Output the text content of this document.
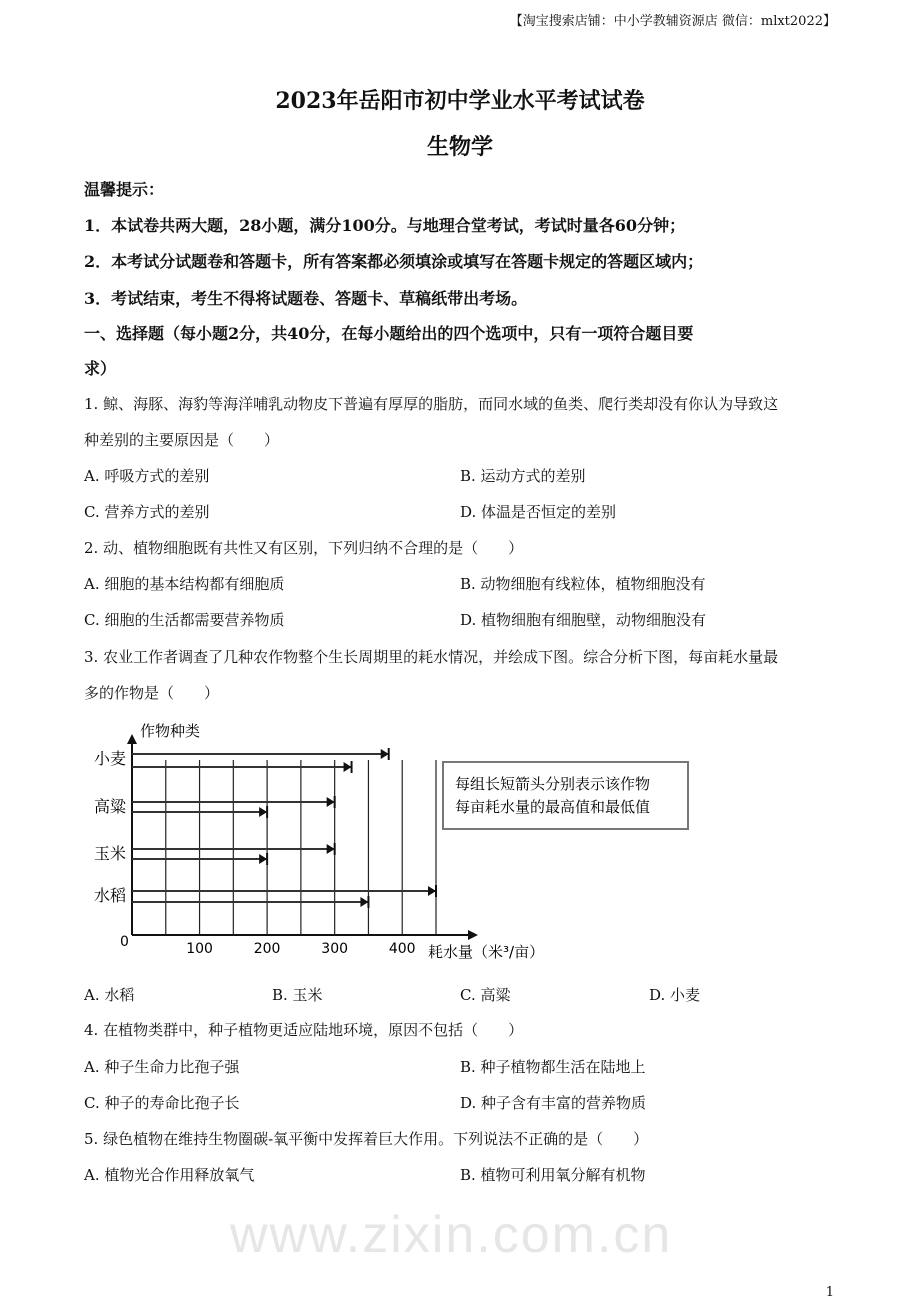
www.zixin.com.cn
【淘宝搜索店铺：中小学教辅资源店 微信：mlxt2022】
2023年岳阳市初中学业水平考试试卷
生物学
温馨提示：
1．本试卷共两大题，28小题，满分100分。与地理合堂考试，考试时量各60分钟；
2．本考试分试题卷和答题卡，所有答案都必须填涂或填写在答题卡规定的答题区域内；
3．考试结束，考生不得将试题卷、答题卡、草稿纸带出考场。
一、选择题（每小题2分，共40分，在每小题给出的四个选项中，只有一项符合题目要
求）
1. 鲸、海豚、海豹等海洋哺乳动物皮下普遍有厚厚的脂肪，而同水域的鱼类、爬行类却没有你认为导致这
种差别的主要原因是（　　）
A. 呼吸方式的差别	B. 运动方式的差别
C. 营养方式的差别	D. 体温是否恒定的差别
2. 动、植物细胞既有共性又有区别，下列归纳不合理的是（　　）
A. 细胞的基本结构都有细胞质	B. 动物细胞有线粒体，植物细胞没有
C. 细胞的生活都需要营养物质	D. 植物细胞有细胞壁，动物细胞没有
3. 农业工作者调查了几种农作物整个生长周期里的耗水情况，并绘成下图。综合分析下图，每亩耗水量最
多的作物是（　　）
作物种类
耗水量（米³/亩）
0	100	200	300	400
小麦
高粱
玉米
水稻
每组长短箭头分别表示该作物
每亩耗水量的最高值和最低值
A. 水稻	B. 玉米	C. 高粱	D. 小麦
4. 在植物类群中，种子植物更适应陆地环境，原因不包括（　　）
A. 种子生命力比孢子强	B. 种子植物都生活在陆地上
C. 种子的寿命比孢子长	D. 种子含有丰富的营养物质
5. 绿色植物在维持生物圈碳-氧平衡中发挥着巨大作用。下列说法不正确的是（　　）
A. 植物光合作用释放氧气	B. 植物可利用氧分解有机物
1
